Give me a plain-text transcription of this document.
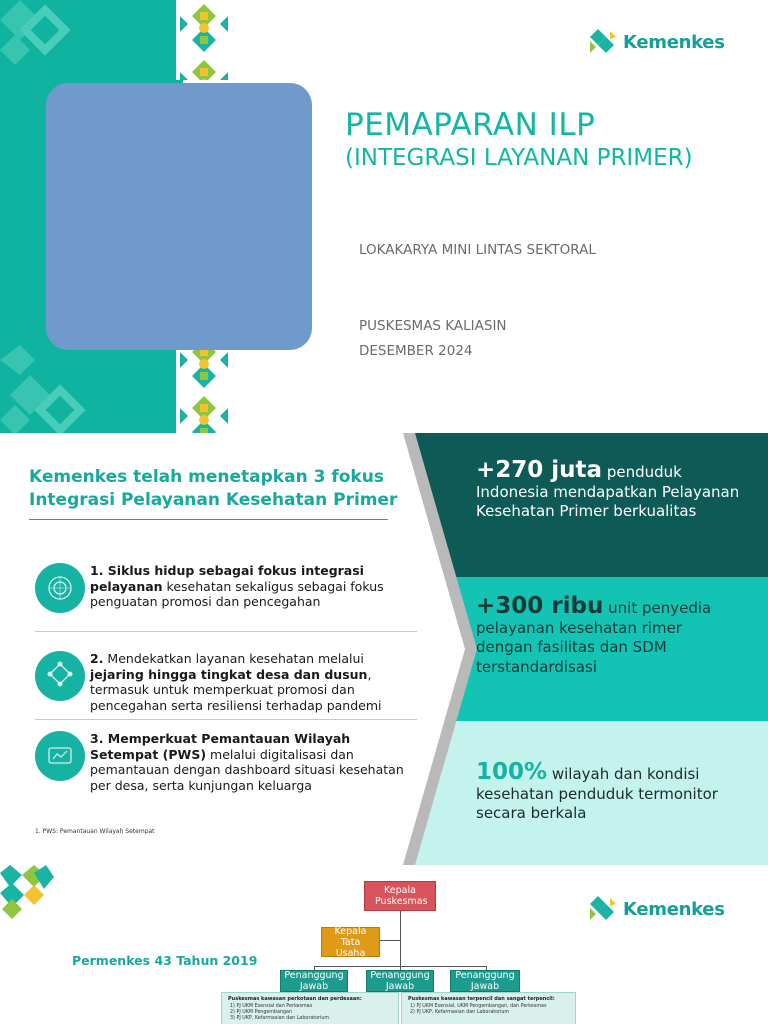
Kemenkes
PEMAPARAN ILP
(INTEGRASI LAYANAN PRIMER)
LOKAKARYA MINI LINTAS SEKTORAL
PUSKESMAS KALIASIN
DESEMBER 2024
Kemenkes telah menetapkan 3 fokus Integrasi Pelayanan Kesehatan Primer
1. Siklus hidup sebagai fokus integrasi pelayanan kesehatan sekaligus sebagai fokus penguatan promosi dan pencegahan
2. Mendekatkan layanan kesehatan melalui jejaring hingga tingkat desa dan dusun, termasuk untuk memperkuat promosi dan pencegahan serta resiliensi terhadap pandemi
3. Memperkuat Pemantauan Wilayah Setempat (PWS) melalui digitalisasi dan pemantauan dengan dashboard situasi kesehatan per desa, serta kunjungan keluarga
1. PWS: Pemantauan Wilayah Setempat
+270 juta penduduk Indonesia mendapatkan Pelayanan Kesehatan Primer berkualitas
+300 ribu unit penyedia pelayanan kesehatan rimer dengan fasilitas dan SDM terstandardisasi
100% wilayah dan kondisi kesehatan penduduk termonitor secara berkala
Kemenkes
Permenkes 43 Tahun 2019
Kepala Puskesmas
Kepala Tata Usaha
Penanggung Jawab
Penanggung Jawab
Penanggung Jawab
Puskesmas kawasan perkotaan dan perdesaan:
1) PJ UKM Esensial dan Perkesmas
2) PJ UKM Pengembangan
3) PJ UKP, Kefarmasian dan Laboratorium
Puskesmas kawasan terpencil dan sangat terpencil:
1) PJ UKM Esensial, UKM Pengembangan, dan Perkesmas
2) PJ UKP, Kefarmasian dan Laboratorium
